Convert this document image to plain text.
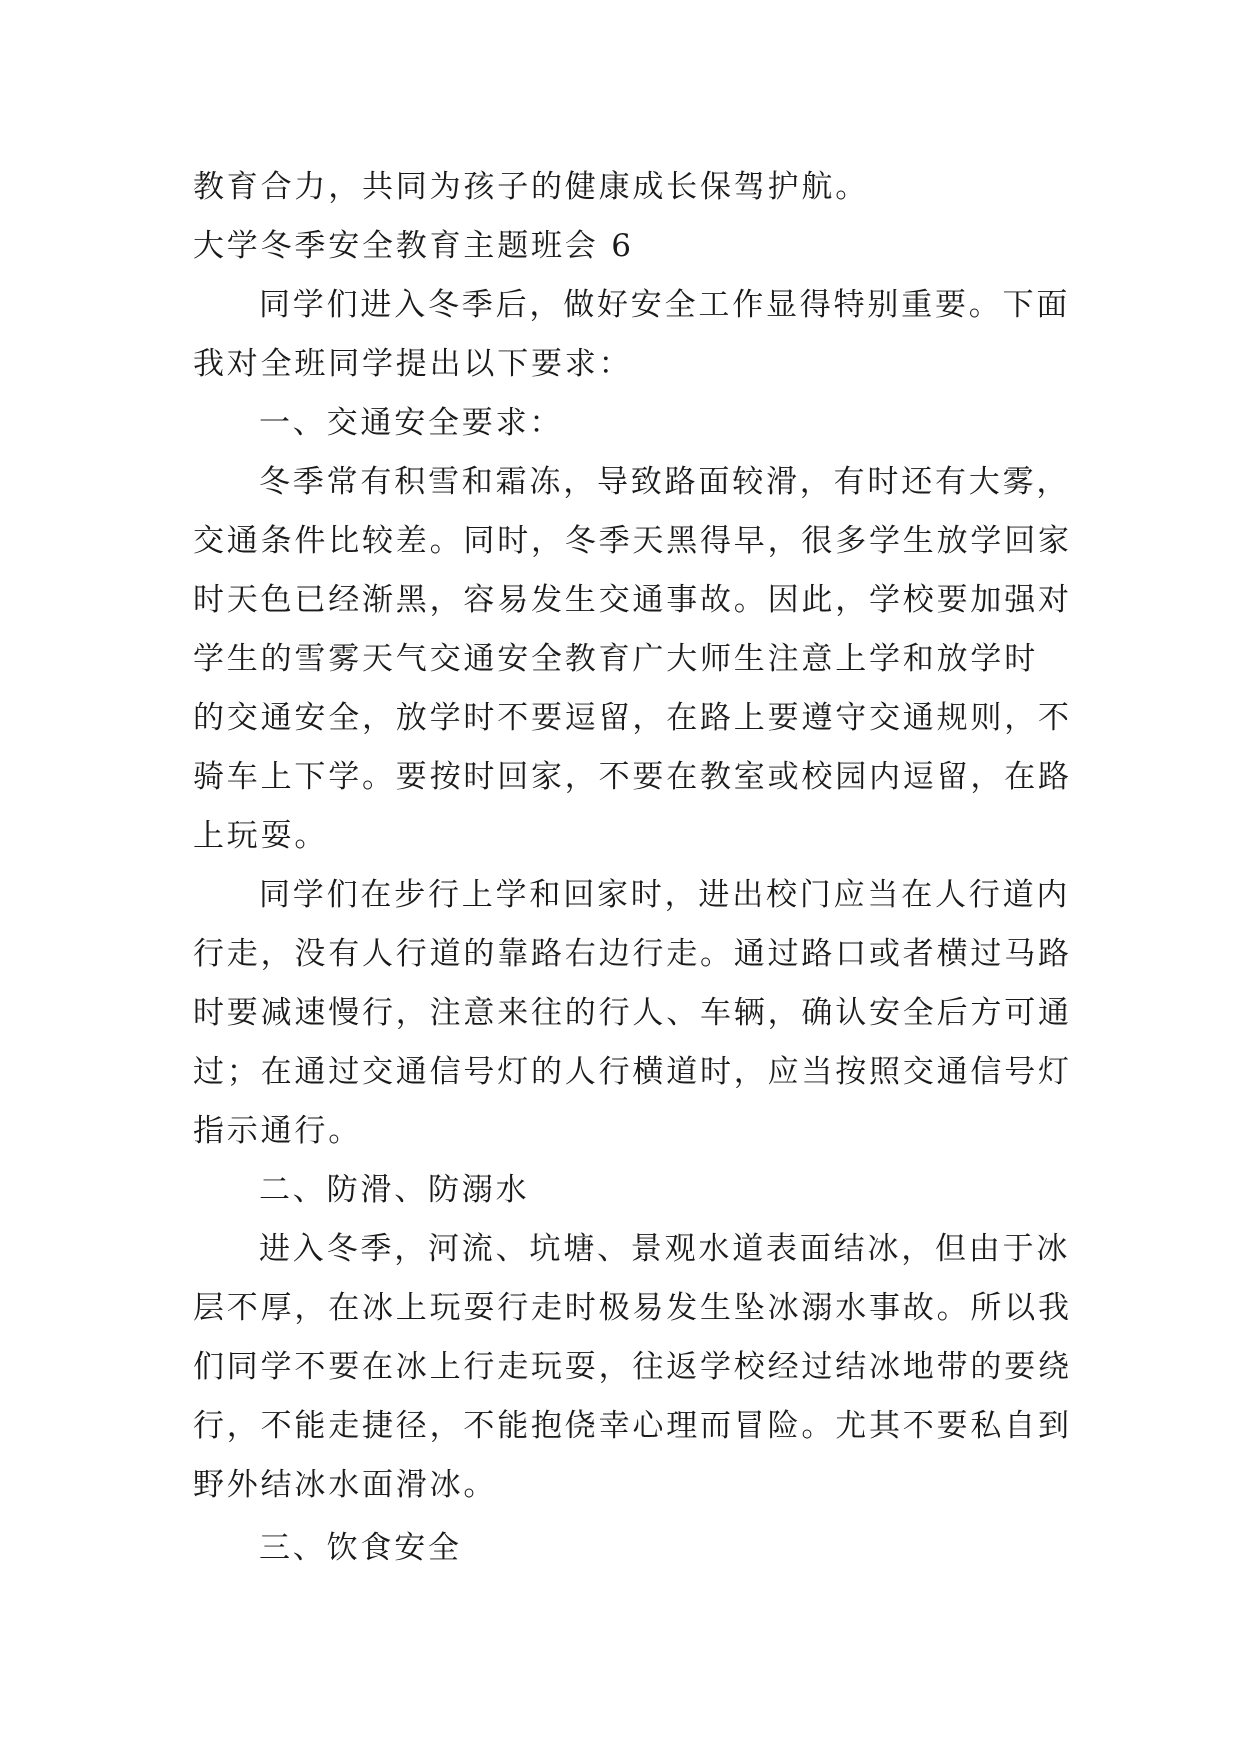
教育合力，共同为孩子的健康成长保驾护航。

大学冬季安全教育主题班会 6

同学们进入冬季后，做好安全工作显得特别重要。下面

我对全班同学提出以下要求：

一、交通安全要求：

冬季常有积雪和霜冻，导致路面较滑，有时还有大雾，

交通条件比较差。同时，冬季天黑得早，很多学生放学回家

时天色已经渐黑，容易发生交通事故。因此，学校要加强对

学生的雪雾天气交通安全教育广大师生注意上学和放学时

的交通安全，放学时不要逗留，在路上要遵守交通规则，不

骑车上下学。要按时回家，不要在教室或校园内逗留，在路

上玩耍。

同学们在步行上学和回家时，进出校门应当在人行道内

行走，没有人行道的靠路右边行走。通过路口或者横过马路

时要减速慢行，注意来往的行人、车辆，确认安全后方可通

过；在通过交通信号灯的人行横道时，应当按照交通信号灯

指示通行。

二、防滑、防溺水

进入冬季，河流、坑塘、景观水道表面结冰，但由于冰

层不厚，在冰上玩耍行走时极易发生坠冰溺水事故。所以我

们同学不要在冰上行走玩耍，往返学校经过结冰地带的要绕

行，不能走捷径，不能抱侥幸心理而冒险。尤其不要私自到

野外结冰水面滑冰。

三、饮食安全
